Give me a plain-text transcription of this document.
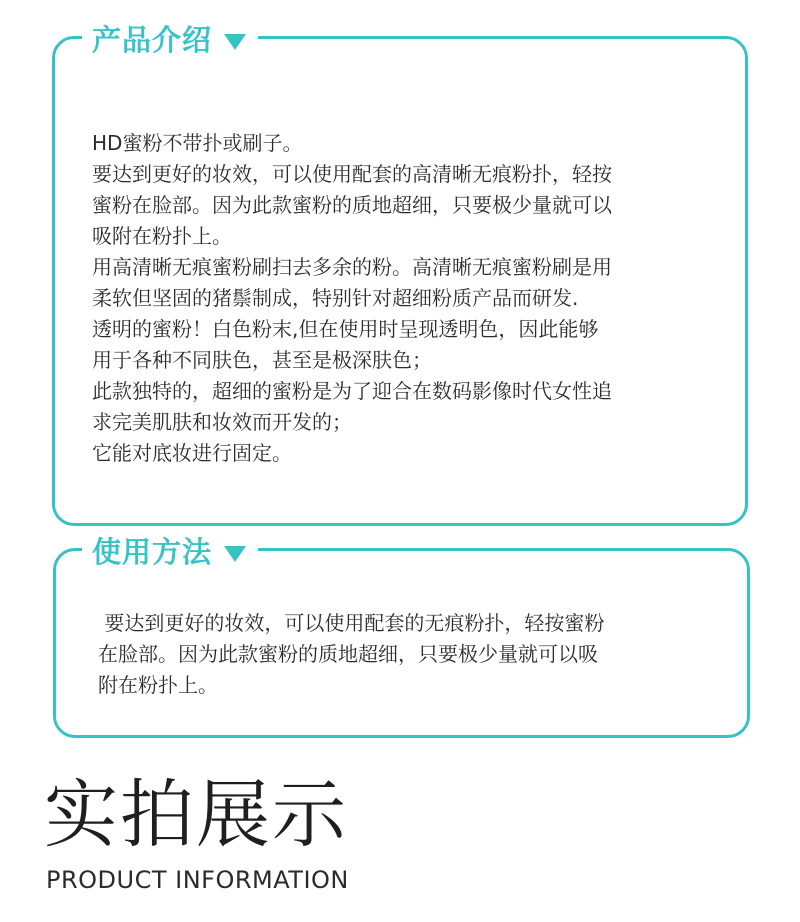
产品介绍
HD蜜粉不带扑或刷子。
要达到更好的妆效，可以使用配套的高清晰无痕粉扑，轻按
蜜粉在脸部。因为此款蜜粉的质地超细，只要极少量就可以
吸附在粉扑上。
用高清晰无痕蜜粉刷扫去多余的粉。高清晰无痕蜜粉刷是用
柔软但坚固的猪鬃制成，特别针对超细粉质产品而研发.
透明的蜜粉！白色粉末,但在使用时呈现透明色，因此能够
用于各种不同肤色，甚至是极深肤色；
此款独特的，超细的蜜粉是为了迎合在数码影像时代女性追
求完美肌肤和妆效而开发的；
它能对底妆进行固定。
使用方法
要达到更好的妆效，可以使用配套的无痕粉扑，轻按蜜粉
在脸部。因为此款蜜粉的质地超细，只要极少量就可以吸
附在粉扑上。
实拍展示
PRODUCT INFORMATION
